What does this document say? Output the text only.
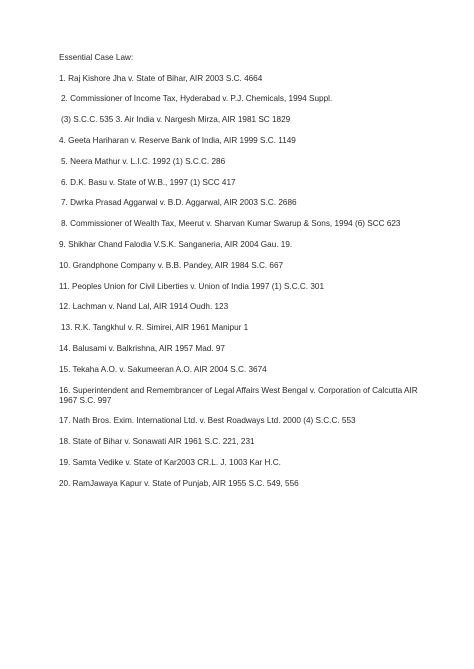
Essential Case Law:
1. Raj Kishore Jha v. State of Bihar, AIR 2003 S.C. 4664
2. Commissioner of Income Tax, Hyderabad v. P.J. Chemicals, 1994 Suppl.
(3) S.C.C. 535 3. Air India v. Nargesh Mirza, AIR 1981 SC 1829
4. Geeta Hariharan v. Reserve Bank of India, AIR 1999 S.C. 1149
5. Neera Mathur v. L.I.C. 1992 (1) S.C.C. 286
6. D.K. Basu v. State of W.B., 1997 (1) SCC 417
7. Dwrka Prasad Aggarwal v. B.D. Aggarwal, AIR 2003 S.C. 2686
8. Commissioner of Wealth Tax, Meerut v. Sharvan Kumar Swarup & Sons, 1994 (6) SCC 623
9. Shikhar Chand Falodia V.S.K. Sanganeria, AIR 2004 Gau. 19.
10. Grandphone Company v. B.B. Pandey, AIR 1984 S.C. 667
11. Peoples Union for Civil Liberties v. Union of India 1997 (1) S.C.C. 301
12. Lachman v. Nand Lal, AIR 1914 Oudh. 123
13. R.K. Tangkhul v. R. Simirei, AIR 1961 Manipur 1
14. Balusami v. Balkrishna, AIR 1957 Mad. 97
15. Tekaha A.O. v. Sakumeeran A.O. AIR 2004 S.C. 3674
16. Superintendent and Remembrancer of Legal Affairs West Bengal v. Corporation of Calcutta AIR 1967 S.C. 997
17. Nath Bros. Exim. International Ltd. v. Best Roadways Ltd. 2000 (4) S.C.C. 553
18. State of Bihar v. Sonawati AIR 1961 S.C. 221, 231
19. Samta Vedike v. State of Kar2003 CR.L. J. 1003 Kar H.C.
20. RamJawaya Kapur v. State of Punjab, AIR 1955 S.C. 549, 556
